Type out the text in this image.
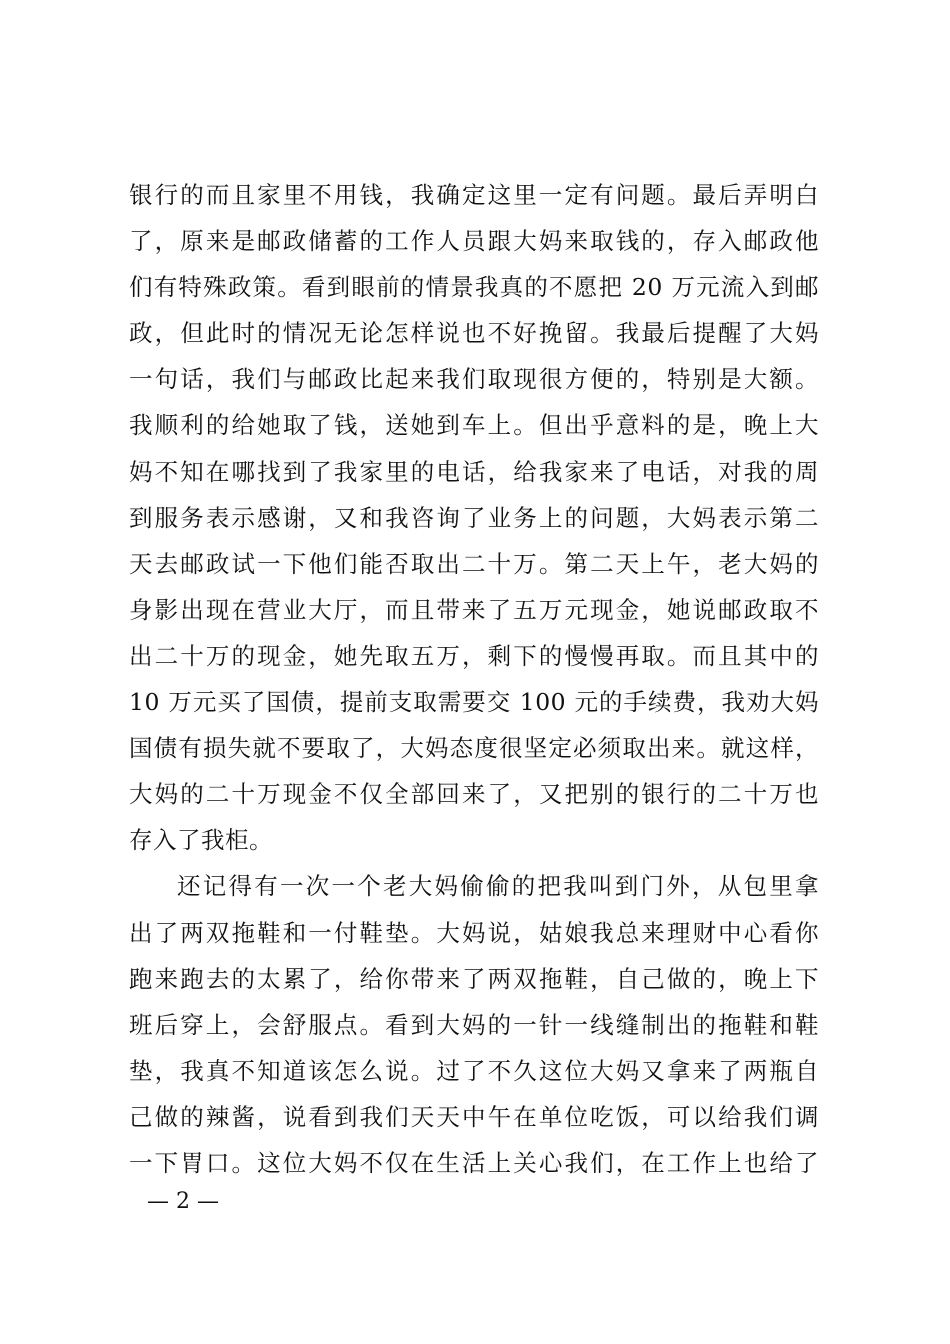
银行的而且家里不用钱，我确定这里一定有问题。最后弄明白
了，原来是邮政储蓄的工作人员跟大妈来取钱的，存入邮政他
们有特殊政策。看到眼前的情景我真的不愿把 20 万元流入到邮
政，但此时的情况无论怎样说也不好挽留。我最后提醒了大妈
一句话，我们与邮政比起来我们取现很方便的，特别是大额。
我顺利的给她取了钱，送她到车上。但出乎意料的是，晚上大
妈不知在哪找到了我家里的电话，给我家来了电话，对我的周
到服务表示感谢，又和我咨询了业务上的问题，大妈表示第二
天去邮政试一下他们能否取出二十万。第二天上午，老大妈的
身影出现在营业大厅，而且带来了五万元现金，她说邮政取不
出二十万的现金，她先取五万，剩下的慢慢再取。而且其中的
10 万元买了国债，提前支取需要交 100 元的手续费，我劝大妈
国债有损失就不要取了，大妈态度很坚定必须取出来。就这样，
大妈的二十万现金不仅全部回来了，又把别的银行的二十万也
存入了我柜。
还记得有一次一个老大妈偷偷的把我叫到门外，从包里拿
出了两双拖鞋和一付鞋垫。大妈说，姑娘我总来理财中心看你
跑来跑去的太累了，给你带来了两双拖鞋，自己做的，晚上下
班后穿上，会舒服点。看到大妈的一针一线缝制出的拖鞋和鞋
垫，我真不知道该怎么说。过了不久这位大妈又拿来了两瓶自
己做的辣酱，说看到我们天天中午在单位吃饭，可以给我们调
一下胃口。这位大妈不仅在生活上关心我们，在工作上也给了
— 2 —
